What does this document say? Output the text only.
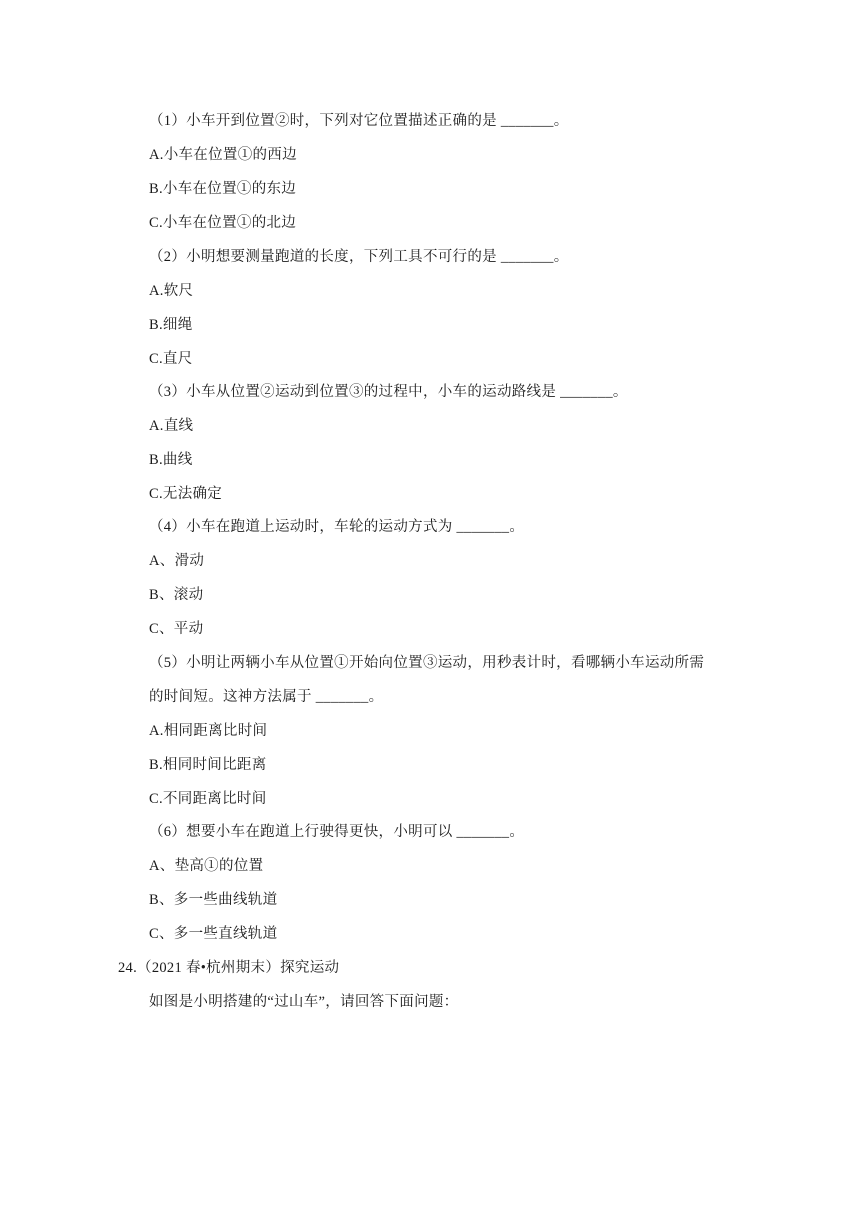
（1）小车开到位置②时，下列对它位置描述正确的是 _______。
A.小车在位置①的西边
B.小车在位置①的东边
C.小车在位置①的北边
（2）小明想要测量跑道的长度，下列工具不可行的是 _______。
A.软尺
B.细绳
C.直尺
（3）小车从位置②运动到位置③的过程中，小车的运动路线是 _______。
A.直线
B.曲线
C.无法确定
（4）小车在跑道上运动时，车轮的运动方式为 _______。
A、滑动
B、滚动
C、平动
（5）小明让两辆小车从位置①开始向位置③运动，用秒表计时，看哪辆小车运动所需
的时间短。这神方法属于 _______。
A.相同距离比时间
B.相同时间比距离
C.不同距离比时间
（6）想要小车在跑道上行驶得更快，小明可以 _______。
A、垫高①的位置
B、多一些曲线轨道
C、多一些直线轨道
24.（2021 春•杭州期末）探究运动
如图是小明搭建的“过山车”，请回答下面问题：
